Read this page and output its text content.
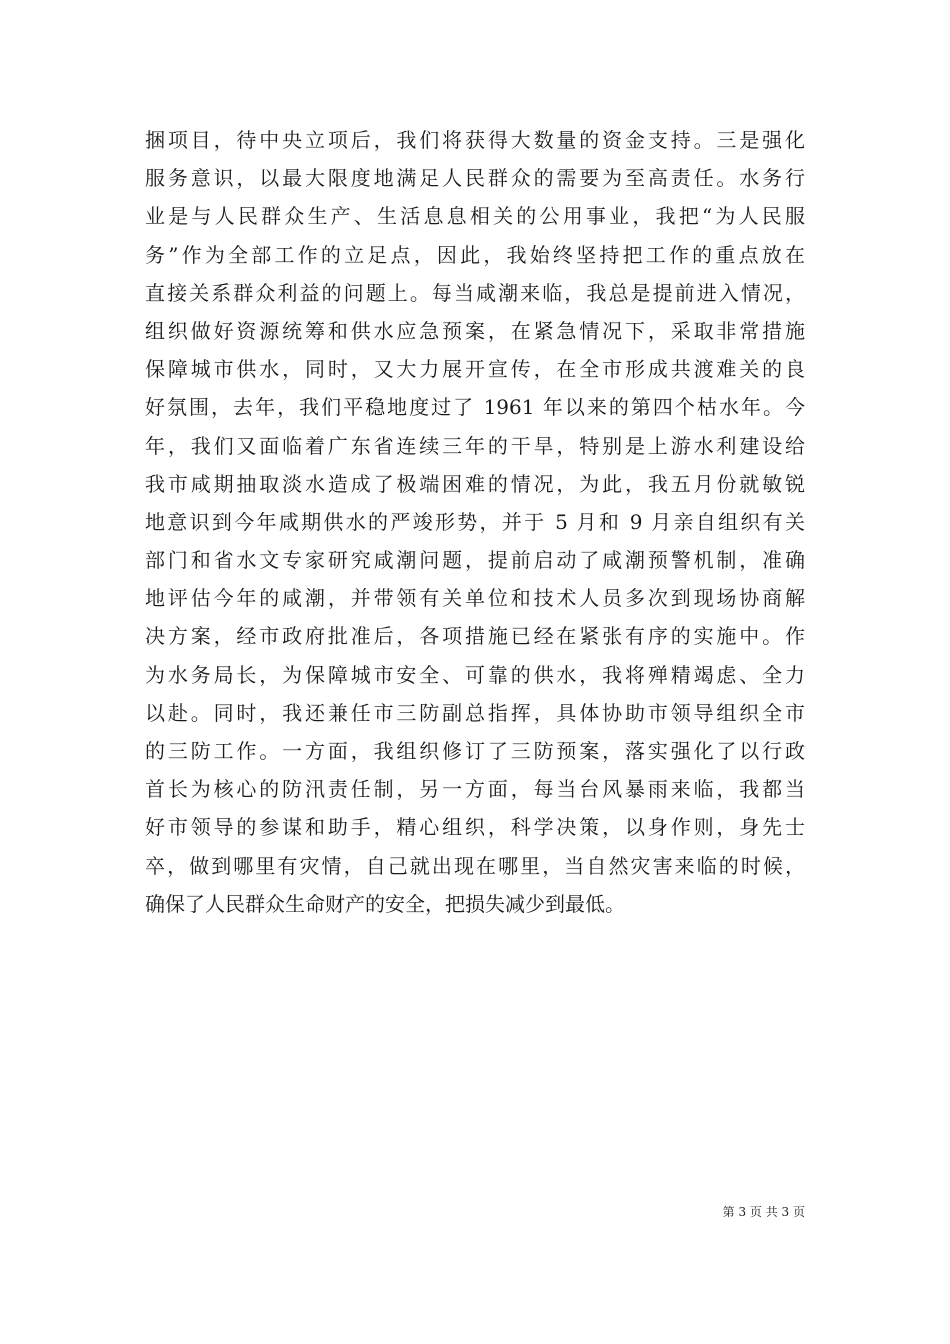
捆项目，待中央立项后，我们将获得大数量的资金支持。三是强化
服务意识，以最大限度地满足人民群众的需要为至高责任。水务行
业是与人民群众生产、生活息息相关的公用事业，我把“为人民服
务”作为全部工作的立足点，因此，我始终坚持把工作的重点放在
直接关系群众利益的问题上。每当咸潮来临，我总是提前进入情况，
组织做好资源统筹和供水应急预案，在紧急情况下，采取非常措施
保障城市供水，同时，又大力展开宣传，在全市形成共渡难关的良
好氛围，去年，我们平稳地度过了 1961 年以来的第四个枯水年。今
年，我们又面临着广东省连续三年的干旱，特别是上游水利建设给
我市咸期抽取淡水造成了极端困难的情况，为此，我五月份就敏锐
地意识到今年咸期供水的严竣形势，并于 5 月和 9 月亲自组织有关
部门和省水文专家研究咸潮问题，提前启动了咸潮预警机制，准确
地评估今年的咸潮，并带领有关单位和技术人员多次到现场协商解
决方案，经市政府批准后，各项措施已经在紧张有序的实施中。作
为水务局长，为保障城市安全、可靠的供水，我将殚精竭虑、全力
以赴。同时，我还兼任市三防副总指挥，具体协助市领导组织全市
的三防工作。一方面，我组织修订了三防预案，落实强化了以行政
首长为核心的防汛责任制，另一方面，每当台风暴雨来临，我都当
好市领导的参谋和助手，精心组织，科学决策，以身作则，身先士
卒，做到哪里有灾情，自己就出现在哪里，当自然灾害来临的时候，
确保了人民群众生命财产的安全，把损失减少到最低。
第 3 页 共 3 页
